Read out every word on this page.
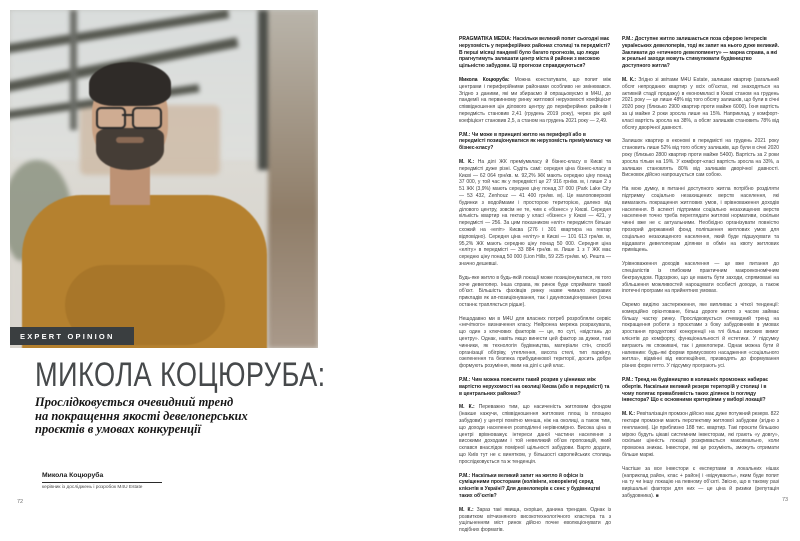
EXPERT OPINION
МИКОЛА КОЦЮРУБА:
Прослідковується очевидний тренд
на покращення якості девелоперських
проєктів в умовах конкуренції
Микола Коцюруба
керівник із досліджень і розробок M4U Estate
72	73

PRAGMATIKA MEDIA: Наскільки великий попит сьогодні має нерухомість у периферійних районах столиці та передмісті? В перші місяці пандемії було багато прогнозів, що люди прагнутимуть залишати центр міста й райони з високою щільністю забудови. Ці прогнози справджуються?

Микола Коцюруба: Можна констатувати, що попит між центрами і периферійними районами особливо не змінювався. Згідно з даними, які ми збираємо й опрацьовуємо в M4U, до пандемії на первинному ринку житлової нерухомості коефіцієнт співвідношення цін ділового центру до периферійних районів і передмість становив 2,41 (грудень 2019 року), через рік цей коефіцієнт становив 2,5, а станом на грудень 2021 року — 2,49.

P.M.: Чи може в принципі житло на периферії або в передмісті позиціонуватися як нерухомість преміумкласу чи бізнес-класу?

М. К.: На ділі ЖК преміумкласу й бізнес-класу в Києві та передмісті дуже різні. Судіть самі: середня ціна бізнес-класу в Києві — 62 064 грн/кв. м. 92,2% ЖК мають середню ціну понад 37 000, у той час як у передмісті це 27 916 грн/кв. м, і лише 2 з 51 ЖК (3,9%) мають середню ціну понад 37 000 (Park Lake City — 53 432, Zenhouz — 41 400 грн/кв. м). Це малоповерхові будинки з водоймами і просторою територією, далеко від ділового центру, зовсім не те, чим є «бізнес» у Києві. Середня кількість квартир на гектар у класі «бізнес» у Києві — 421, у передмісті — 256. За цим показником «еліт» передмістя більше схожий на «еліт» Києва (276 і 301 квартира на гектар відповідно). Середня ціна «еліту» в Києві — 101 613 грн/кв. м, 95,2% ЖК мають середню ціну понад 50 000. Середня ціна «еліту» в передмісті — 33 884 грн/кв. м. Лише 1 з 7 ЖК має середню ціну понад 50 000 (Lion Hills, 59 225 грн/кв. м). Решта — значно дешевші.

Будь-яке житло в будь-якій локації може позиціонуватися, як того хоче девелопер. Інша справа, як ринок буде сприймати такий об’єкт. Більшість фахівців ринку назве чимало яскравих прикладів як ап-позиціонування, так і даунпозиціонування (хоча останнє трапляється рідше).

Нещодавно ми в M4U для власних потреб розробляли сервіс «нечіткого» визначення класу. Нейронна мережа розрахувала, що один з ключових факторів — це, по суті, «відстань до центру». Однак, навіть якщо винести цей фактор за дужки, такі чинники, як технологія будівництва, матеріали стін, спосіб організації обігріву, утеплення, висота стелі, тип паркінгу, озеленення та безпека прибудинкової території, досить добре формують розуміння, яким на ділі є цей клас.

P.M.: Чим можна пояснити такий розрив у цінниках між вартістю нерухомості на околиці Києва (або в передмісті) та в центральних районах?

М. К.: Переважно тим, що насиченість житловим фондом (інакше кажучи, співвідношення житлових площ із площею забудови) у центрі помітно менша, ніж на околиці, а також тим, що доходи населення розподілені нерівномірно. Висока ціна в центрі врівноважує інтереси даної частини населення з високими доходами і той невеликий об’єм пропозицій, який склався внаслідок помірної щільності забудови. Варто додати, що Київ тут не є винятком, у більшості європейських столиць прослідковується та ж тенденція.

P.M.: Наскільки великий запит на житло й офіси із суміщеними просторами (колівінги, коворкінги) серед клієнтів в Україні? Для девелоперів є сенс у будівництві таких об’єктів?

М. К.: Зараз такі явища, скоріше, данина трендам. Однак із розвитком вітчизняного високотехнологічного кластера та з ущільненням міст ринок дійсно почне еволюціонувати до подібних форматів.

P.M.: Доступне житло залишається поза сферою інтересів українських девелоперів, тоді як запит на нього дуже великий. Закликати до «етичного девелопменту» — марна справа, а які ж реальні заходи можуть стимулювати будівництво доступного житла?

М. К.: Згідно зі звітами M4U Estate, залишки квартир (загальний обсяг непроданих квартир у всіх об’єктах, які знаходяться на активній стадії продажу) в економкласі в Києві станом на грудень 2021 року — це лише 48% від того обсягу залишків, що були в січні 2020 року (близько 2900 квартир проти майже 6000). Їхня вартість за ці майже 2 роки зросла лише на 15%. Наприклад, у комфорт-класі вартість зросла на 38%, а обсяг залишків становить 78% від обсягу дворічної давності.

Залишок квартир в економі в передмісті на грудень 2021 року становить лише 52% від того обсягу залишків, що були в січні 2020 року (близько 2800 квартир проти майже 5400). Вартість за 2 роки зросла тільки на 19%. У комфорт-класі вартість зросла на 33%, а залишки становлять 80% від залишків дворічної давності. Висновок дійсно напрошується сам собою.

На мою думку, в питанні доступного житла потрібно розділяти підтримку соціально незахищених верств населення, які вимагають покращення житлових умов, і врівноваження доходів населення. В аспекті підтримки соціально незахищених верств населення точно треба переглядати житлові нормативи, оскільки чинні вже не є актуальними. Необхідно організувати повністю прозорий державний фонд поліпшення житлових умов для соціально незахищеного населення, який буде підшукувати та віддавати девелоперам ділянки в обмін на квоту житлових приміщень.

Урівноваження доходів населення — це вже питання до спеціалістів із глибоким практичним макроекономічним бекграундом. Підозрюю, що це мають бути заходи, спрямовані на збільшення можливостей нарощувати особисті доходи, а також іпотечні програми на прийнятних умовах.

Окремо виділю застереження, яке випливає з чіткої тенденції: комерційно орієнтоване, більш дороге житло з часом займає більшу частку ринку. Прослідковується очевидний тренд на покращення роботи з проєктами з боку забудовників в умовах зростання продуктової конкуренції на тлі більш високих вимог клієнтів до комфорту, функціональності й естетики. У підсумку виграють як споживачі, так і девелопери. Однак можна бути й напевним: будь-які форми примусового насадження «соціального житла», відмінні від еволюційних, призводять до формування різних форм гетто. У підсумку програють усі.

P.M.: Тренд на будівництво в колишніх промзонах набирає обертів. Наскільки великий резерв територій у столиці і в чому полягає привабливість таких ділянок із погляду інвестора? Що є основними критеріями у виборі локації?

М. К.: Ревіталізація промзон дійсно має дуже потужний резерв. 822 гектари промзони мають перспективу житлової забудови (згідно з генпланом). Це приблизно 188 тис. квартир. Такі проєкти більшою мірою будуть цікаві системним інвесторам, які грають «у довгу», оскільки цінність локації розкривається максимально, коли промзона зникає. Інвестори, які це розуміють, зможуть отримати більше маржі.

Частіше за все інвестори є експертами в локальних нішах (наприклад район, клас + район) і «відчувають», яким буде попит на ту чи іншу локацію на певному об’єкті. Звісно, що в такому разі вирішальні фактори для них — це ціна й ризики (репутація забудовника). ■
